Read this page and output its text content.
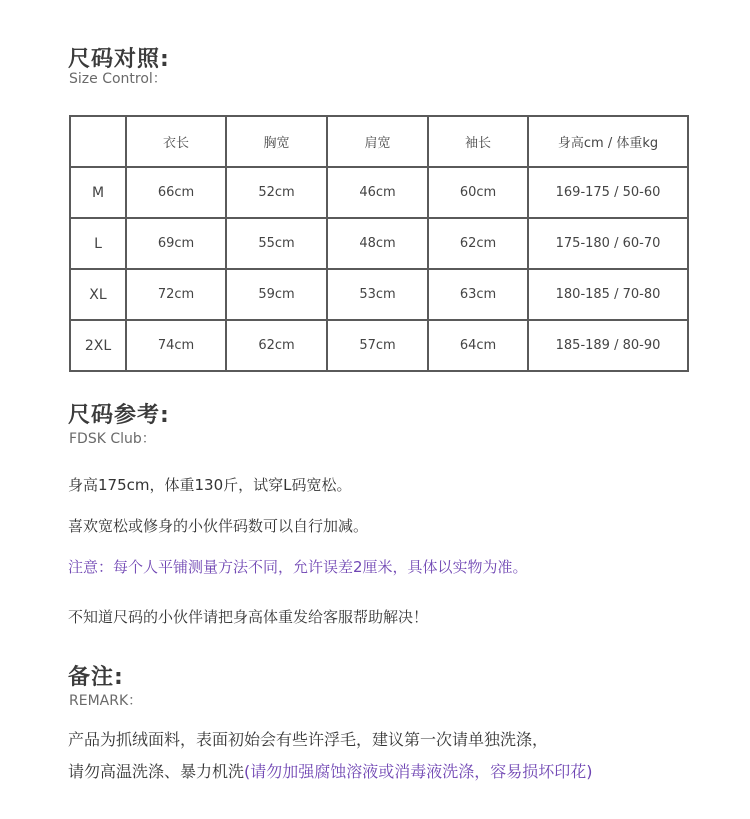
尺码对照:
Size Control：
	衣长	胸宽	肩宽	袖长	身高cm / 体重kg
M	66cm	52cm	46cm	60cm	169-175 / 50-60
L	69cm	55cm	48cm	62cm	175-180 / 60-70
XL	72cm	59cm	53cm	63cm	180-185 / 70-80
2XL	74cm	62cm	57cm	64cm	185-189 / 80-90
尺码参考:
FDSK Club：
身高175cm，体重130斤，试穿L码宽松。
喜欢宽松或修身的小伙伴码数可以自行加减。
注意：每个人平铺测量方法不同，允许误差2厘米，具体以实物为准。
不知道尺码的小伙伴请把身高体重发给客服帮助解决！
备注:
REMARK：
产品为抓绒面料，表面初始会有些许浮毛，建议第一次请单独洗涤，
请勿高温洗涤、暴力机洗(请勿加强腐蚀溶液或消毒液洗涤，容易损坏印花)
